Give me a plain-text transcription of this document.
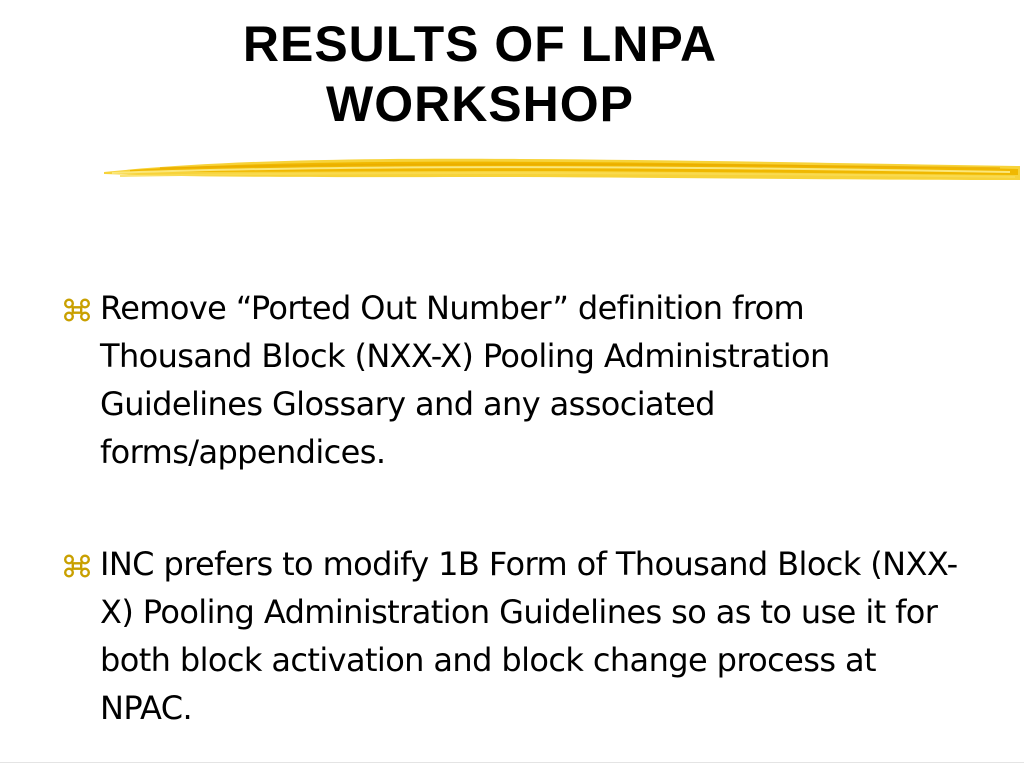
RESULTS OF LNPA
WORKSHOP
Remove “Ported Out Number” definition from Thousand Block (NXX-X) Pooling Administration Guidelines Glossary and any associated forms/appendices.
INC prefers to modify 1B Form of Thousand Block (NXX-X) Pooling Administration Guidelines so as to use it for both block activation and block change process at NPAC.
